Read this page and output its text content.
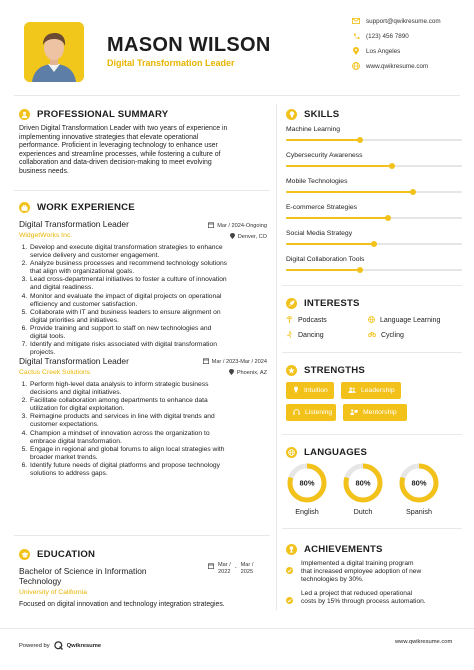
MASON WILSON
Digital Transformation Leader
support@qwikresume.com
(123) 456 7890
Los Angeles
www.qwikresume.com
PROFESSIONAL SUMMARY
Driven Digital Transformation Leader with two years of experience in
implementing innovative strategies that elevate operational
performance. Proficient in leveraging technology to enhance user
experiences and streamline processes, while fostering a culture of
collaboration and data-driven decision-making to meet evolving
business needs.
WORK EXPERIENCE
Digital Transformation Leader
WidgetWorks Inc.
Mar / 2024-Ongoing
Denver, CO
1. Develop and execute digital transformation strategies to enhance
service delivery and customer engagement.
2. Analyze business processes and recommend technology solutions
that align with organizational goals.
3. Lead cross-departmental initiatives to foster a culture of innovation
and digital readiness.
4. Monitor and evaluate the impact of digital projects on operational
efficiency and customer satisfaction.
5. Collaborate with IT and business leaders to ensure alignment on
digital priorities and initiatives.
6. Provide training and support to staff on new technologies and
digital tools.
7. Identify and mitigate risks associated with digital transformation
projects.
Digital Transformation Leader
Cactus Creek Solutions
Mar / 2023-Mar / 2024
Phoenix, AZ
1. Perform high-level data analysis to inform strategic business
decisions and digital initiatives.
2. Facilitate collaboration among departments to enhance data
utilization for digital exploitation.
3. Reimagine products and services in line with digital trends and
customer expectations.
4. Champion a mindset of innovation across the organization to
embrace digital transformation.
5. Engage in regional and global forums to align local strategies with
broader market trends.
6. Identify future needs of digital platforms and propose technology
solutions to address gaps.
EDUCATION
Bachelor of Science in Information
Technology
University of California
Mar /
2022
- Mar /
2025
Focused on digital innovation and technology integration strategies.
SKILLS
Machine Learning
Cybersecurity Awareness
Mobile Technologies
E-commerce Strategies
Social Media Strategy
Digital Collaboration Tools
INTERESTS
Podcasts	Language Learning
Dancing	Cycling
STRENGTHS
Intuition	Leadership
Listening	Mentorship
LANGUAGES
80%	80%	80%
English	Dutch	Spanish
ACHIEVEMENTS
Implemented a digital training program
that increased employee adoption of new
technologies by 30%.
Led a project that reduced operational
costs by 15% through process automation.
Powered by	Qwikresume
www.qwikresume.com
